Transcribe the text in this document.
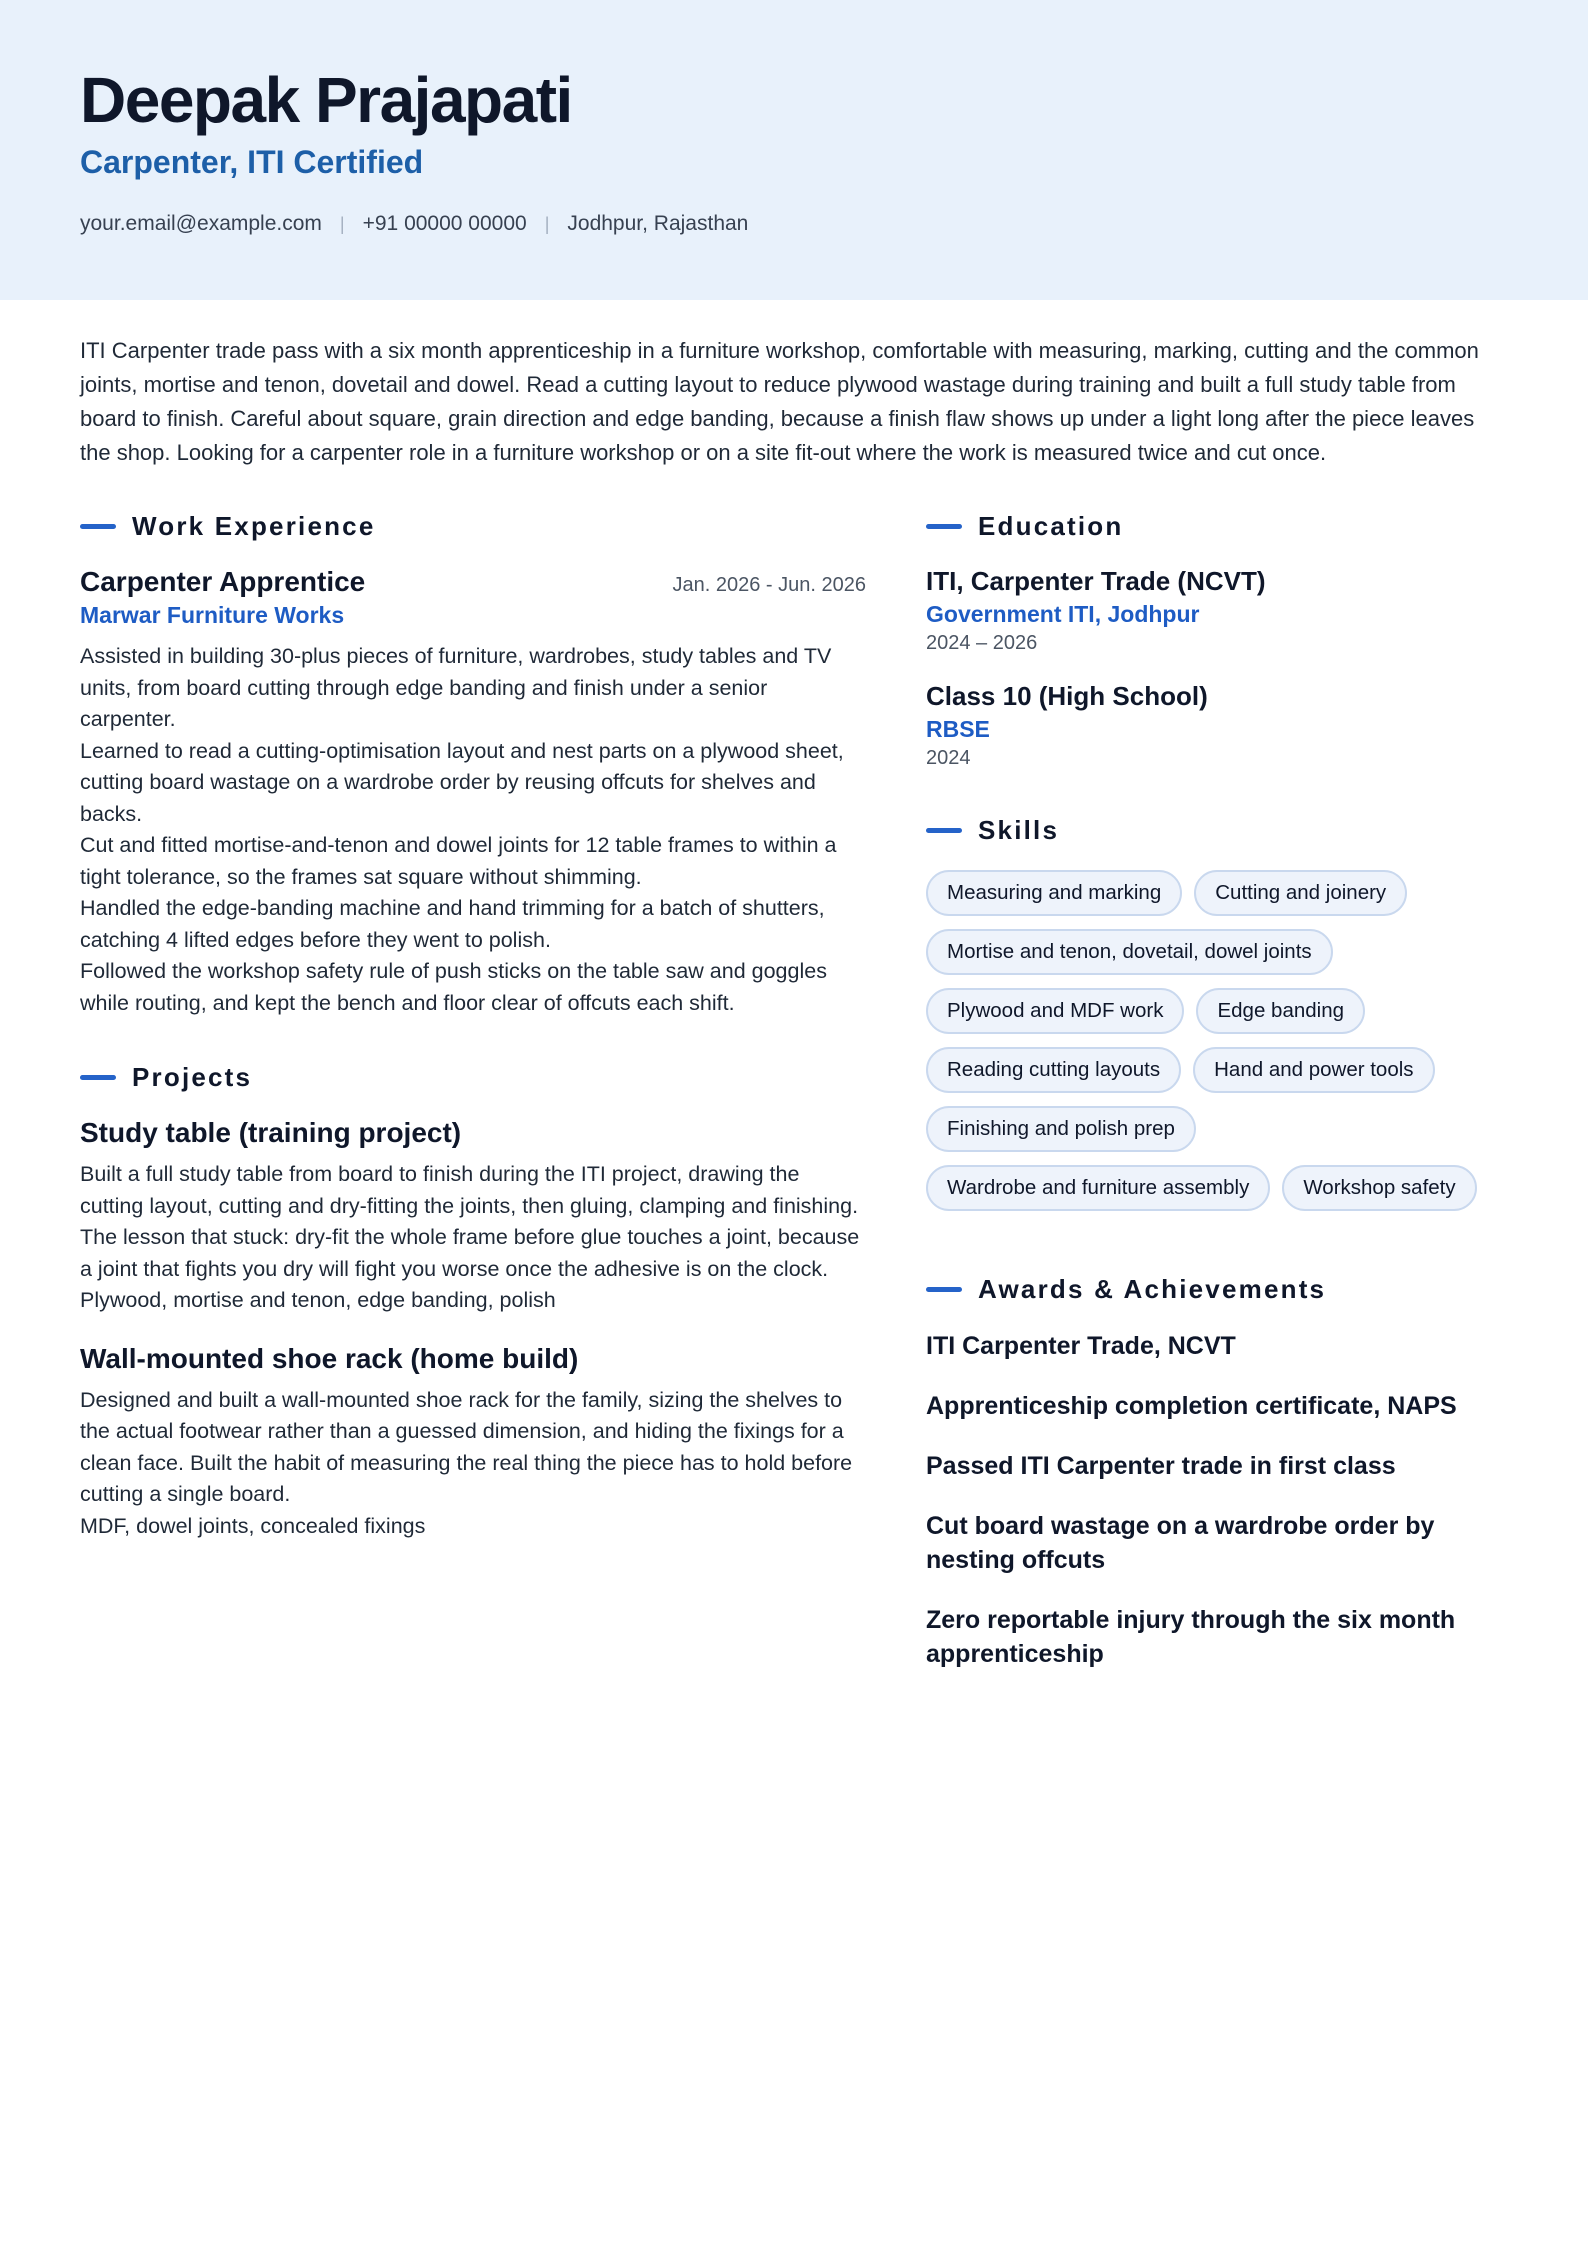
Deepak Prajapati
Carpenter, ITI Certified
your.email@example.com | +91 00000 00000 | Jodhpur, Rajasthan

ITI Carpenter trade pass with a six month apprenticeship in a furniture workshop, comfortable with measuring, marking, cutting and the common joints, mortise and tenon, dovetail and dowel. Read a cutting layout to reduce plywood wastage during training and built a full study table from board to finish. Careful about square, grain direction and edge banding, because a finish flaw shows up under a light long after the piece leaves the shop. Looking for a carpenter role in a furniture workshop or on a site fit-out where the work is measured twice and cut once.

Work Experience
Carpenter Apprentice	Jan. 2026 - Jun. 2026
Marwar Furniture Works
Assisted in building 30-plus pieces of furniture, wardrobes, study tables and TV units, from board cutting through edge banding and finish under a senior carpenter.
Learned to read a cutting-optimisation layout and nest parts on a plywood sheet, cutting board wastage on a wardrobe order by reusing offcuts for shelves and backs.
Cut and fitted mortise-and-tenon and dowel joints for 12 table frames to within a tight tolerance, so the frames sat square without shimming.
Handled the edge-banding machine and hand trimming for a batch of shutters, catching 4 lifted edges before they went to polish.
Followed the workshop safety rule of push sticks on the table saw and goggles while routing, and kept the bench and floor clear of offcuts each shift.
Projects
Study table (training project)
Built a full study table from board to finish during the ITI project, drawing the cutting layout, cutting and dry-fitting the joints, then gluing, clamping and finishing. The lesson that stuck: dry-fit the whole frame before glue touches a joint, because a joint that fights you dry will fight you worse once the adhesive is on the clock.
Plywood, mortise and tenon, edge banding, polish
Wall-mounted shoe rack (home build)
Designed and built a wall-mounted shoe rack for the family, sizing the shelves to the actual footwear rather than a guessed dimension, and hiding the fixings for a clean face. Built the habit of measuring the real thing the piece has to hold before cutting a single board.
MDF, dowel joints, concealed fixings
Education
ITI, Carpenter Trade (NCVT)
Government ITI, Jodhpur
2024 – 2026
Class 10 (High School)
RBSE
2024
Skills
Measuring and marking	Cutting and joinery
Mortise and tenon, dovetail, dowel joints
Plywood and MDF work	Edge banding
Reading cutting layouts	Hand and power tools
Finishing and polish prep
Wardrobe and furniture assembly	Workshop safety
Awards & Achievements
ITI Carpenter Trade, NCVT
Apprenticeship completion certificate, NAPS
Passed ITI Carpenter trade in first class
Cut board wastage on a wardrobe order by nesting offcuts
Zero reportable injury through the six month apprenticeship
